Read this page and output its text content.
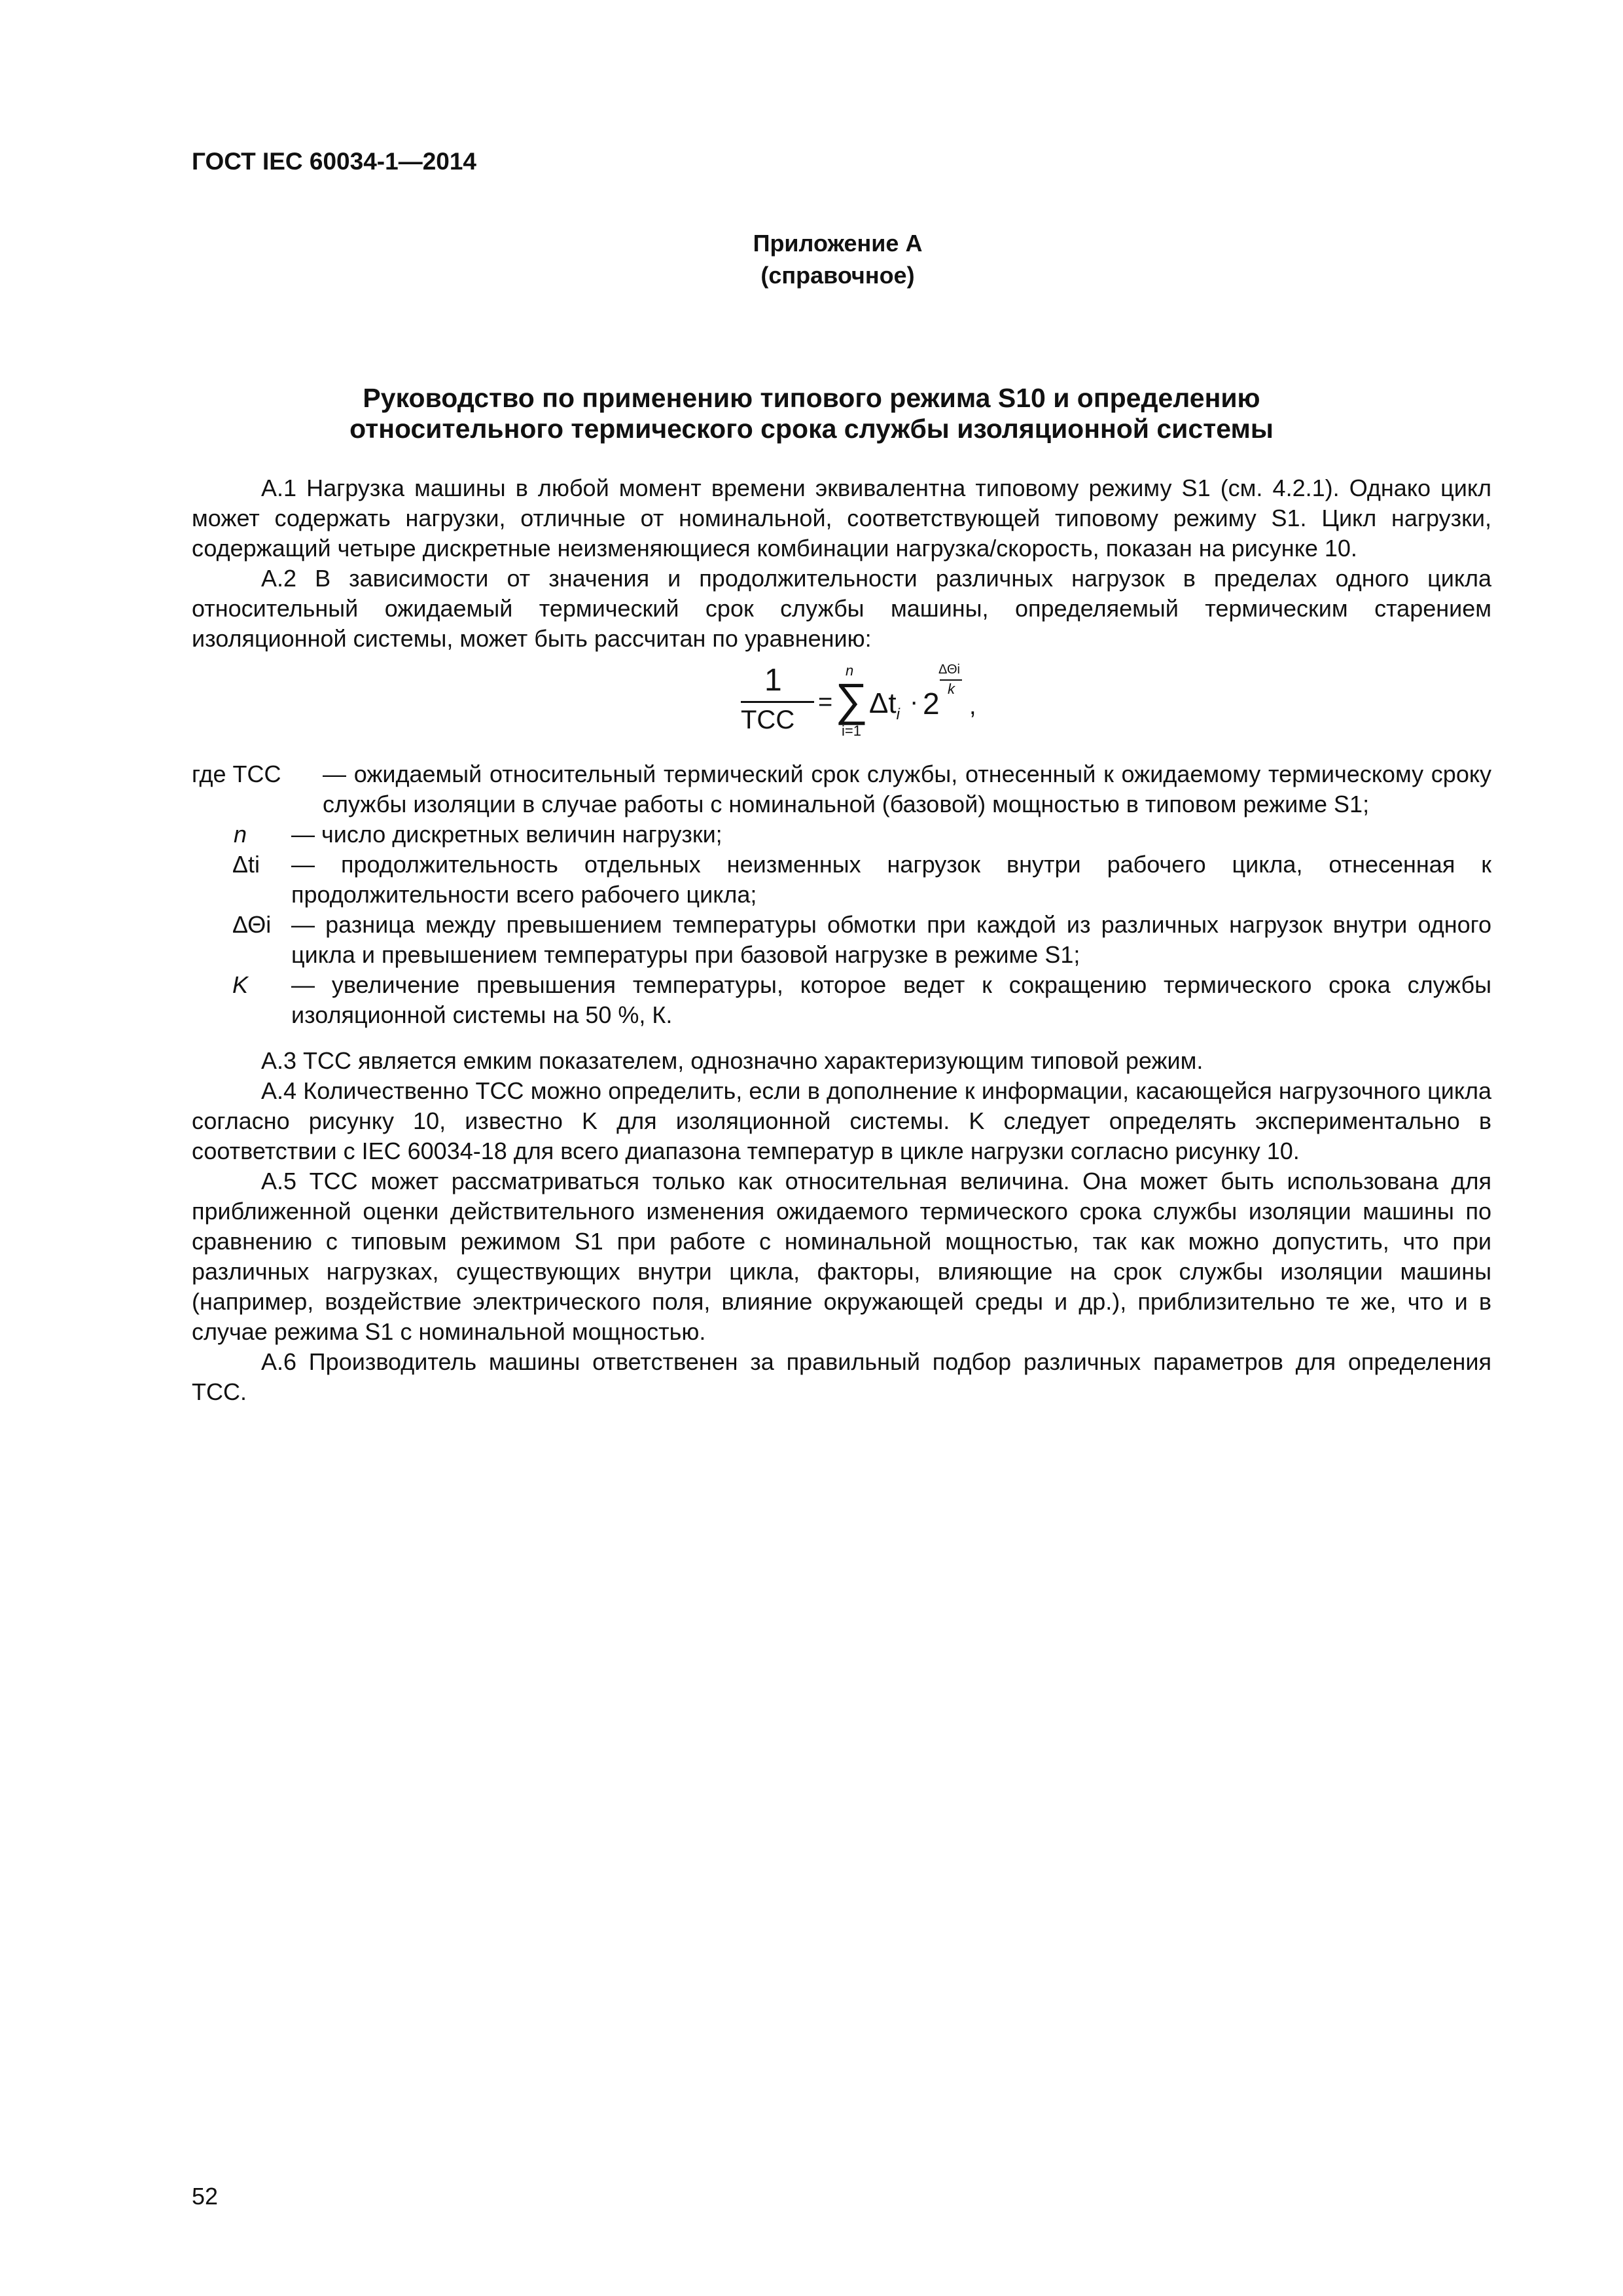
ГОСТ IEC 60034-1—2014
Приложение А
(справочное)
Руководство по применению типового режима S10 и определению
относительного термического срока службы изоляционной системы

А.1 Нагрузка машины в любой момент времени эквивалентна типовому режиму S1 (см. 4.2.1). Однако цикл может содержать нагрузки, отличные от номинальной, соответствующей типовому режиму S1. Цикл нагрузки, содержащий четыре дискретные неизменяющиеся комбинации нагрузка/скорость, показан на рисунке 10.

А.2 В зависимости от значения и продолжительности различных нагрузок в пределах одного цикла относительный ожидаемый термический срок службы машины, определяемый термическим старением изоляционной системы, может быть рассчитан по уравнению:

1
TCC
=
n
∑
i=1
$\Delta t_i \cdot 2$
ΔΘi
k
,
где ТСС — ожидаемый относительный термический срок службы, отнесенный к ожидаемому термическому сроку службы изоляции в случае работы с номинальной (базовой) мощностью в типовом режиме S1;
n — число дискретных величин нагрузки;
Δti — продолжительность отдельных неизменных нагрузок внутри рабочего цикла, отнесенная к продолжительности всего рабочего цикла;
ΔΘi — разница между превышением температуры обмотки при каждой из различных нагрузок внутри одного цикла и превышением температуры при базовой нагрузке в режиме S1;
K — увеличение превышения температуры, которое ведет к сокращению термического срока службы изоляционной системы на 50 %, К.

А.3 ТСС является емким показателем, однозначно характеризующим типовой режим.

А.4 Количественно ТСС можно определить, если в дополнение к информации, касающейся нагрузочного цикла согласно рисунку 10, известно K для изоляционной системы. K следует определять экспериментально в соответствии с IEC 60034-18 для всего диапазона температур в цикле нагрузки согласно рисунку 10.

А.5 ТСС может рассматриваться только как относительная величина. Она может быть использована для приближенной оценки действительного изменения ожидаемого термического срока службы изоляции машины по сравнению с типовым режимом S1 при работе с номинальной мощностью, так как можно допустить, что при различных нагрузках, существующих внутри цикла, факторы, влияющие на срок службы изоляции машины (например, воздействие электрического поля, влияние окружающей среды и др.), приблизительно те же, что и в случае режима S1 с номинальной мощностью.

А.6 Производитель машины ответственен за правильный подбор различных параметров для определения ТСС.

52
